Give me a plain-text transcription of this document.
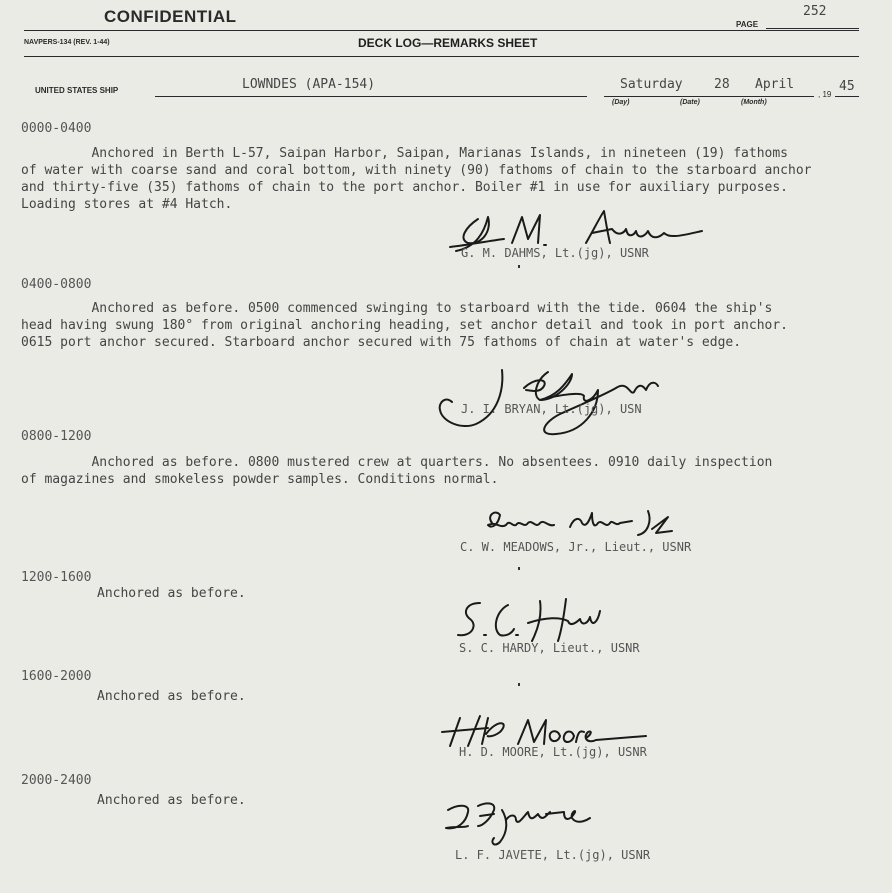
CONFIDENTIAL	PAGE
252
NAVPERS-134 (REV. 1-44)	DECK LOG—REMARKS SHEET
UNITED STATES SHIP	LOWNDES (APA-154)	Saturday 28 April
, 19
45
(Day)	(Date)	(Month)
0000-0400
Anchored in Berth L-57, Saipan Harbor, Saipan, Marianas Islands, in nineteen (19) fathoms
of water with coarse sand and coral bottom, with ninety (90) fathoms of chain to the starboard anchor
and thirty-five (35) fathoms of chain to the port anchor. Boiler #1 in use for auxiliary purposes.
Loading stores at #4 Hatch.
G. M. DAHMS, Lt.(jg), USNR
0400-0800
Anchored as before. 0500 commenced swinging to starboard with the tide. 0604 the ship's
head having swung 180° from original anchoring heading, set anchor detail and took in port anchor.
0615 port anchor secured. Starboard anchor secured with 75 fathoms of chain at water's edge.
J. I. BRYAN, Lt.(jg), USN
0800-1200
Anchored as before. 0800 mustered crew at quarters. No absentees. 0910 daily inspection
of magazines and smokeless powder samples. Conditions normal.
C. W. MEADOWS, Jr., Lieut., USNR
1200-1600
Anchored as before.
S. C. HARDY, Lieut., USNR
1600-2000
Anchored as before.
H. D. MOORE, Lt.(jg), USNR
2000-2400
Anchored as before.
L. F. JAVETE, Lt.(jg), USNR
